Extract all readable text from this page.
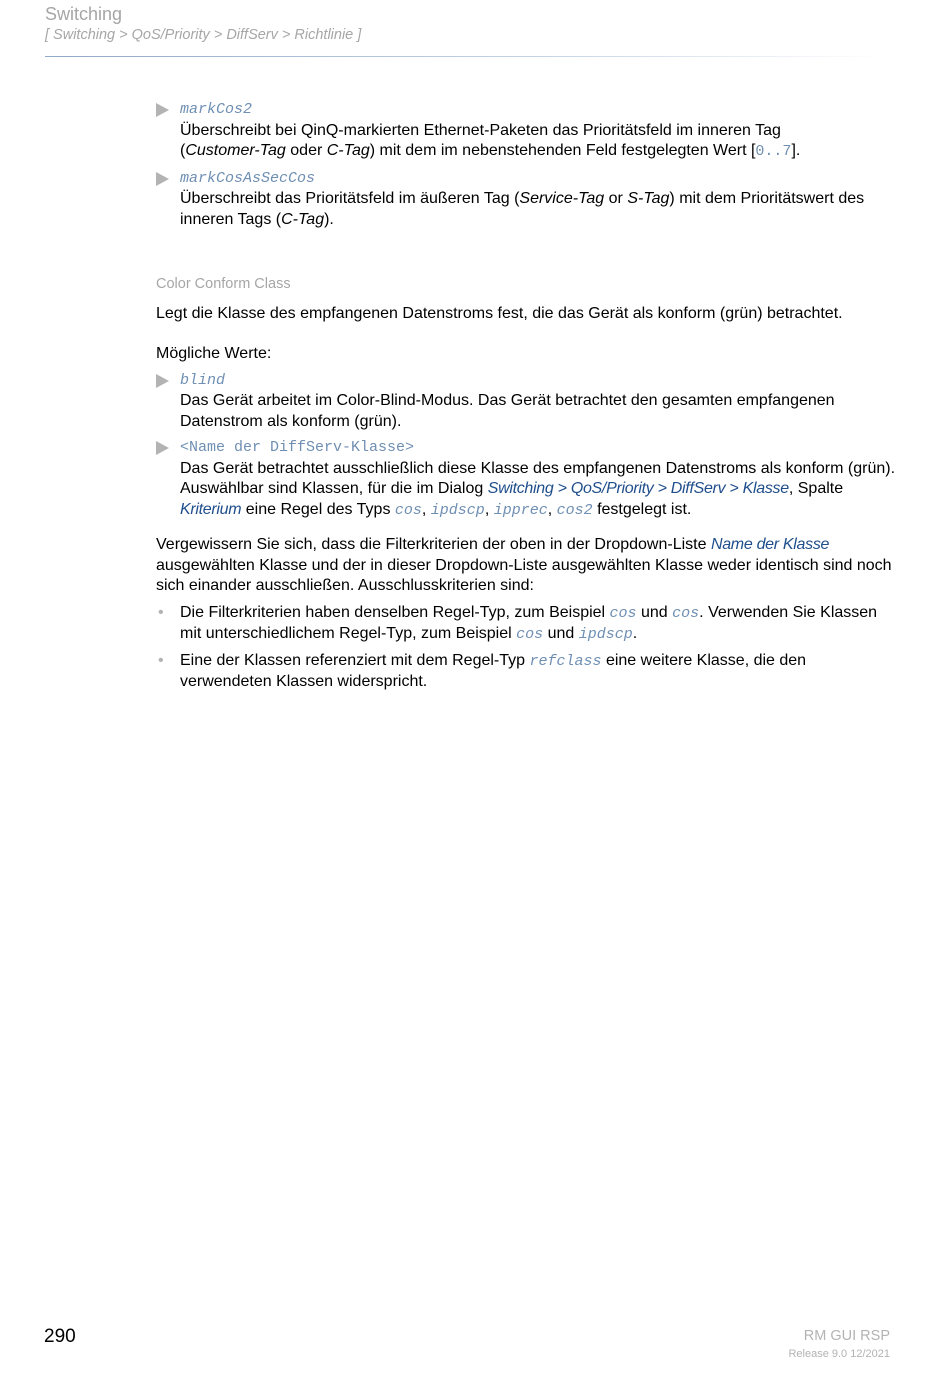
Switching
[ Switching > QoS/Priority > DiffServ > Richtlinie ]
markCos2

Überschreibt bei QinQ-markierten Ethernet-Paketen das Prioritätsfeld im inneren Tag
(Customer-Tag oder C-Tag) mit dem im nebenstehenden Feld festgelegten Wert [0..7].

markCosAsSecCos

Überschreibt das Prioritätsfeld im äußeren Tag (Service-Tag or S-Tag) mit dem Prioritätswert des inneren Tags (C-Tag).

Color Conform Class

Legt die Klasse des empfangenen Datenstroms fest, die das Gerät als konform (grün) betrachtet.

Mögliche Werte:

blind

Das Gerät arbeitet im Color-Blind-Modus. Das Gerät betrachtet den gesamten empfangenen Datenstrom als konform (grün).

<Name der DiffServ-Klasse>

Das Gerät betrachtet ausschließlich diese Klasse des empfangenen Datenstroms als konform (grün).

Auswählbar sind Klassen, für die im Dialog Switching > QoS/Priority > DiffServ > Klasse, Spalte Kriterium eine Regel des Typs cos, ipdscp, ipprec, cos2 festgelegt ist.

Vergewissern Sie sich, dass die Filterkriterien der oben in der Dropdown-Liste Name der Klasse ausgewählten Klasse und der in dieser Dropdown-Liste ausgewählten Klasse weder identisch sind noch sich einander ausschließen. Ausschlusskriterien sind:

• Die Filterkriterien haben denselben Regel-Typ, zum Beispiel cos und cos. Verwenden Sie Klassen mit unterschiedlichem Regel-Typ, zum Beispiel cos und ipdscp.

• Eine der Klassen referenziert mit dem Regel-Typ refclass eine weitere Klasse, die den verwendeten Klassen widerspricht.

290	RM GUI RSP
Release 9.0 12/2021
